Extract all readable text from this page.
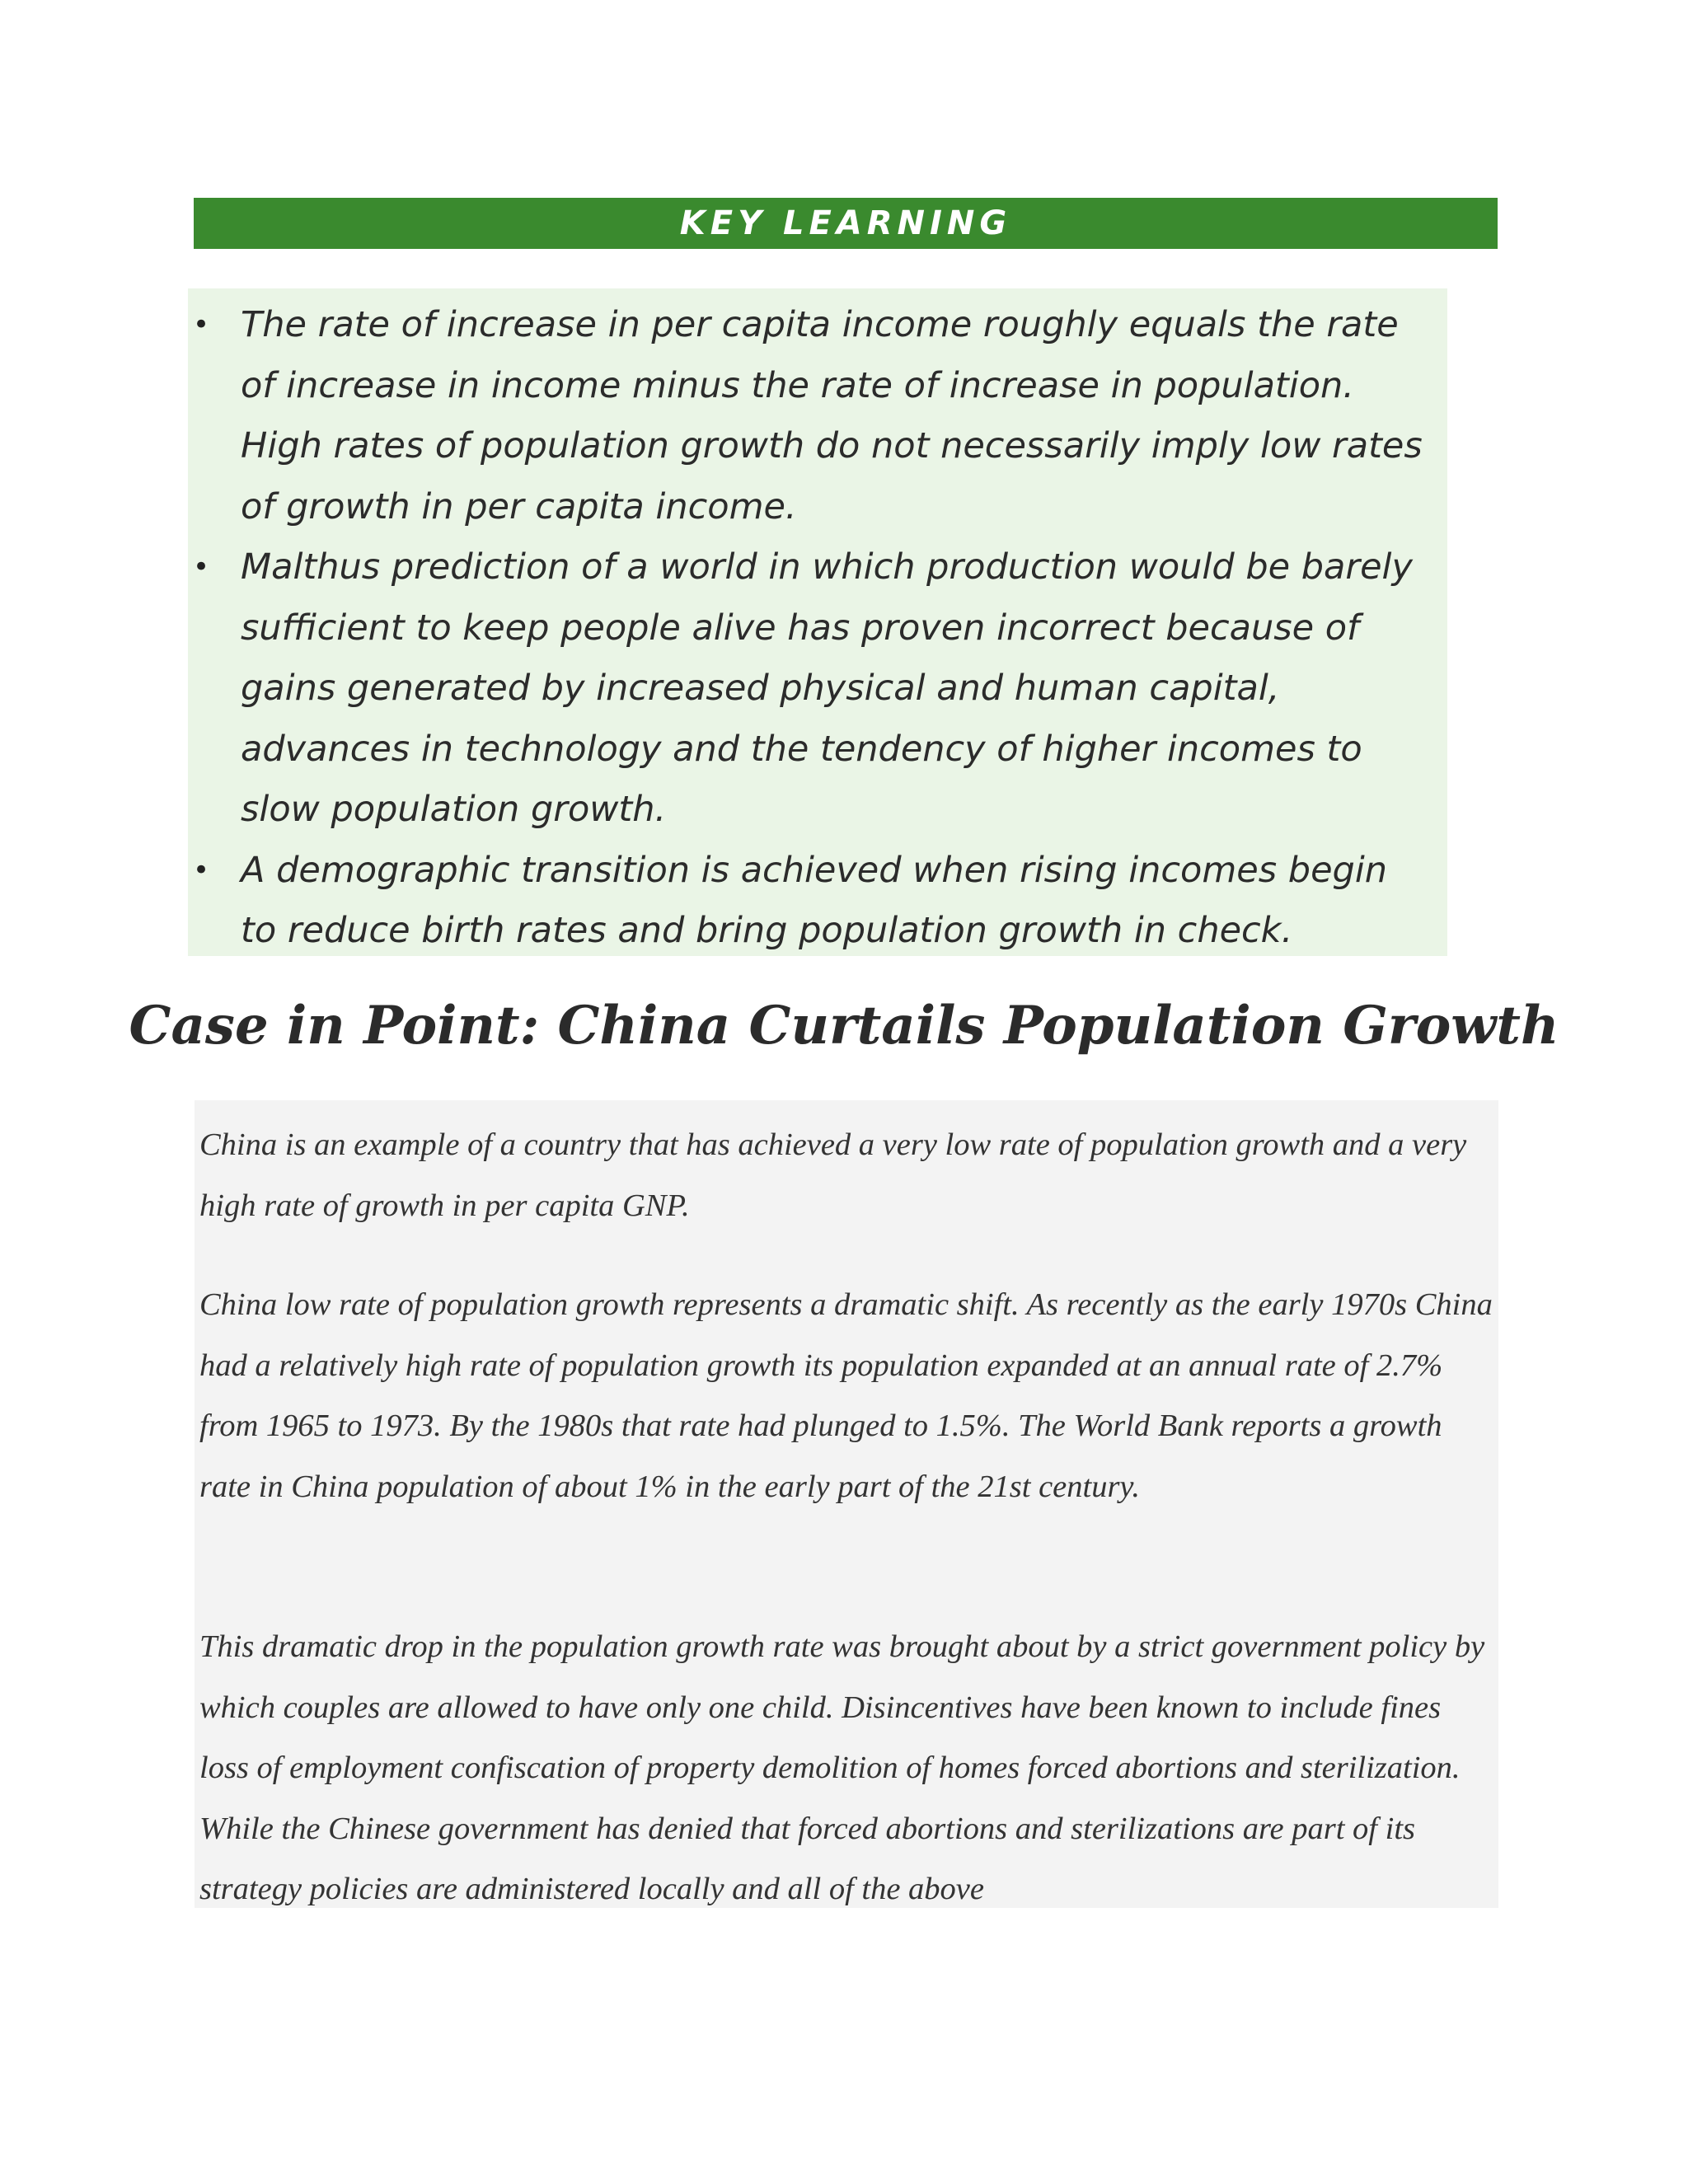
KEY LEARNING
• The rate of increase in per capita income roughly equals the rate of increase in income minus the rate of increase in population. High rates of population growth do not necessarily imply low rates of growth in per capita income.
• Malthus prediction of a world in which production would be barely sufficient to keep people alive has proven incorrect because of gains generated by increased physical and human capital, advances in technology and the tendency of higher incomes to slow population growth.
• A demographic transition is achieved when rising incomes begin to reduce birth rates and bring population growth in check.
Case in Point: China Curtails Population Growth

China is an example of a country that has achieved a very low rate of population growth and a very high rate of growth in per capita GNP.

China low rate of population growth represents a dramatic shift. As recently as the early 1970s China had a relatively high rate of population growth its population expanded at an annual rate of 2.7% from 1965 to 1973. By the 1980s that rate had plunged to 1.5%. The World Bank reports a growth rate in China population of about 1% in the early part of the 21st century.

This dramatic drop in the population growth rate was brought about by a strict government policy by which couples are allowed to have only one child. Disincentives have been known to include fines loss of employment confiscation of property demolition of homes forced abortions and sterilization. While the Chinese government has denied that forced abortions and sterilizations are part of its strategy policies are administered locally and all of the above
